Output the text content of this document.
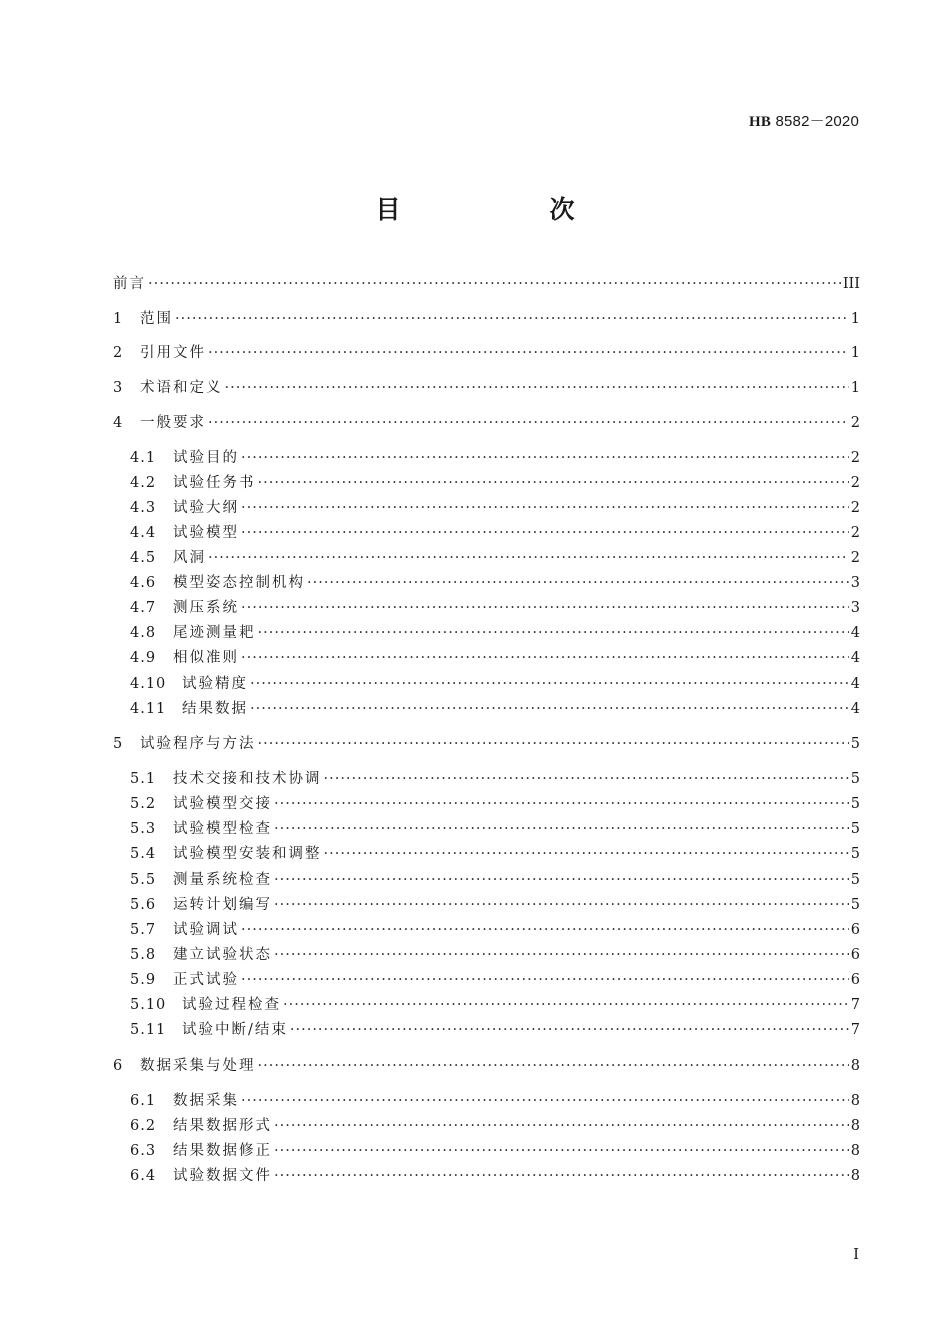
HB 8582－2020
目　次
前言 ·····	III
1	范围 ·····	1
2	引用文件 ·····	1
3	术语和定义 ·····	1
4	一般要求 ·····	2
4.1	试验目的 ·····	2
4.2	试验任务书 ·····	2
4.3	试验大纲 ·····	2
4.4	试验模型 ·····	2
4.5	风洞 ·····	2
4.6	模型姿态控制机构 ·····	3
4.7	测压系统 ·····	3
4.8	尾迹测量耙 ·····	4
4.9	相似准则 ·····	4
4.10	试验精度 ·····	4
4.11	结果数据 ·····	4
5	试验程序与方法 ·····	5
5.1	技术交接和技术协调 ·····	5
5.2	试验模型交接 ·····	5
5.3	试验模型检查 ·····	5
5.4	试验模型安装和调整 ·····	5
5.5	测量系统检查 ·····	5
5.6	运转计划编写 ·····	5
5.7	试验调试 ·····	6
5.8	建立试验状态 ·····	6
5.9	正式试验 ·····	6
5.10	试验过程检查 ·····	7
5.11	试验中断/结束 ·····	7
6	数据采集与处理 ·····	8
6.1	数据采集 ·····	8
6.2	结果数据形式 ·····	8
6.3	结果数据修正 ·····	8
6.4	试验数据文件 ·····	8
I
